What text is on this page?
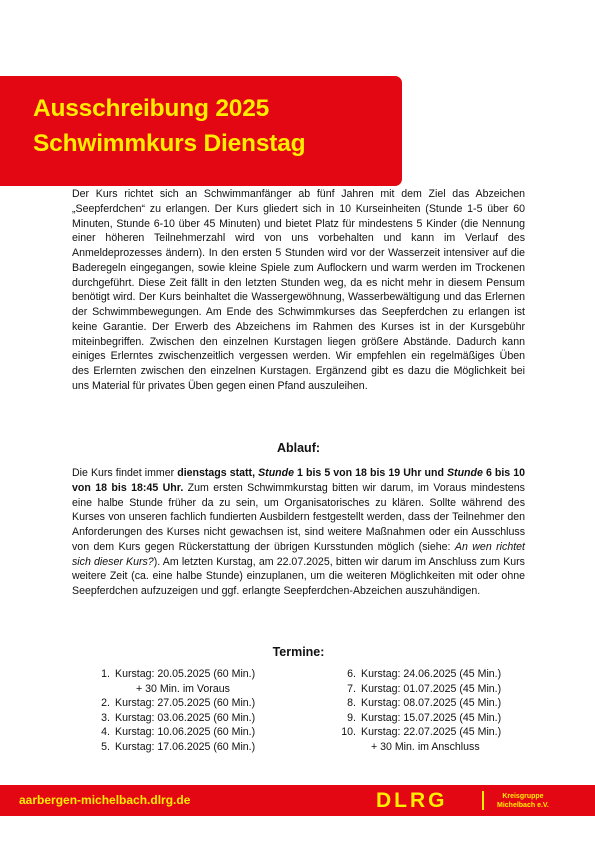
Ausschreibung 2025
Schwimmkurs Dienstag
Der Kurs richtet sich an Schwimmanfänger ab fünf Jahren mit dem Ziel das Abzeichen „Seepferdchen“ zu erlangen. Der Kurs gliedert sich in 10 Kurseinheiten (Stunde 1-5 über 60 Minuten, Stunde 6-10 über 45 Minuten) und bietet Platz für mindestens 5 Kinder (die Nennung einer höheren Teilnehmerzahl wird von uns vorbehalten und kann im Verlauf des Anmeldeprozesses ändern). In den ersten 5 Stunden wird vor der Wasserzeit intensiver auf die Baderegeln eingegangen, sowie kleine Spiele zum Auflockern und warm werden im Trockenen durchgeführt. Diese Zeit fällt in den letzten Stunden weg, da es nicht mehr in diesem Pensum benötigt wird. Der Kurs beinhaltet die Wassergewöhnung, Wasserbewältigung und das Erlernen der Schwimmbewegungen. Am Ende des Schwimmkurses das Seepferdchen zu erlangen ist keine Garantie. Der Erwerb des Abzeichens im Rahmen des Kurses ist in der Kursgebühr miteinbegriffen. Zwischen den einzelnen Kurstagen liegen größere Abstände. Dadurch kann einiges Erlerntes zwischenzeitlich vergessen werden. Wir empfehlen ein regelmäßiges Üben des Erlernten zwischen den einzelnen Kurstagen. Ergänzend gibt es dazu die Möglichkeit bei uns Material für privates Üben gegen einen Pfand auszuleihen.
Ablauf:
Die Kurs findet immer dienstags statt, Stunde 1 bis 5 von 18 bis 19 Uhr und Stunde 6 bis 10 von 18 bis 18:45 Uhr. Zum ersten Schwimmkurstag bitten wir darum, im Voraus mindestens eine halbe Stunde früher da zu sein, um Organisatorisches zu klären. Sollte während des Kurses von unseren fachlich fundierten Ausbildern festgestellt werden, dass der Teilnehmer den Anforderungen des Kurses nicht gewachsen ist, sind weitere Maßnahmen oder ein Ausschluss von dem Kurs gegen Rückerstattung der übrigen Kursstunden möglich (siehe: An wen richtet sich dieser Kurs?). Am letzten Kurstag, am 22.07.2025, bitten wir darum im Anschluss zum Kurs weitere Zeit (ca. eine halbe Stunde) einzuplanen, um die weiteren Möglichkeiten mit oder ohne Seepferdchen aufzuzeigen und ggf. erlangte Seepferdchen-Abzeichen auszuhändigen.
Termine:
1. Kurstag: 20.05.2025 (60 Min.)
+ 30 Min. im Voraus
2. Kurstag: 27.05.2025 (60 Min.)
3. Kurstag: 03.06.2025 (60 Min.)
4. Kurstag: 10.06.2025 (60 Min.)
5. Kurstag: 17.06.2025 (60 Min.)
6. Kurstag: 24.06.2025 (45 Min.)
7. Kurstag: 01.07.2025 (45 Min.)
8. Kurstag: 08.07.2025 (45 Min.)
9. Kurstag: 15.07.2025 (45 Min.)
10. Kurstag: 22.07.2025 (45 Min.)
+ 30 Min. im Anschluss
aarbergen-michelbach.dlrg.de	DLRG	Kreisgruppe
Michelbach e.V.
